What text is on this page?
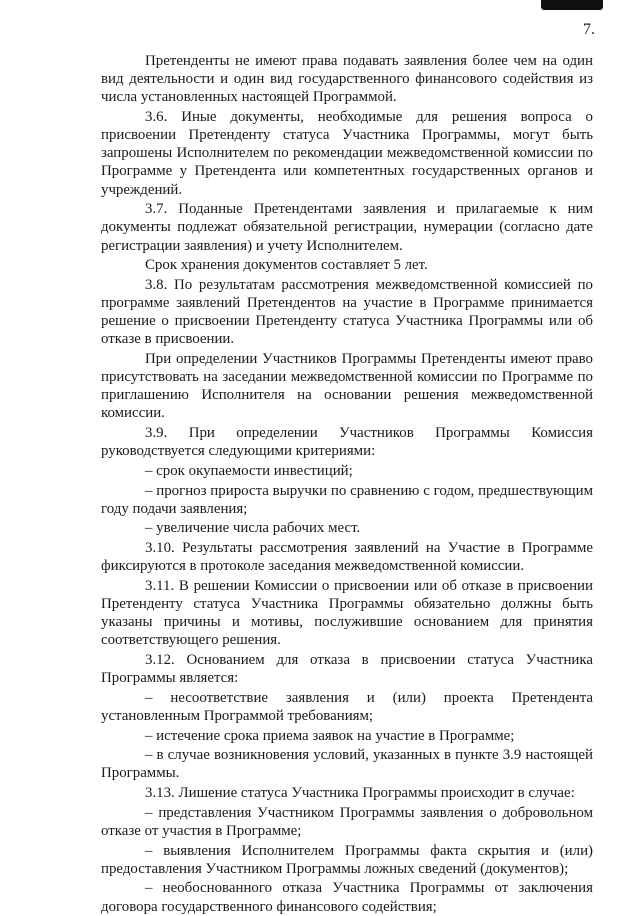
7.

Претенденты не имеют права подавать заявления более чем на один вид деятельности и один вид государственного финансового содействия из числа установленных настоящей Программой.

3.6. Иные документы, необходимые для решения вопроса о присвоении Претенденту статуса Участника Программы, могут быть запрошены Исполнителем по рекомендации межведомственной комиссии по Программе у Претендента или компетентных государственных органов и учреждений.

3.7. Поданные Претендентами заявления и прилагаемые к ним документы подлежат обязательной регистрации, нумерации (согласно дате регистрации заявления) и учету Исполнителем.

Срок хранения документов составляет 5 лет.

3.8. По результатам рассмотрения межведомственной комиссией по программе заявлений Претендентов на участие в Программе принимается решение о присвоении Претенденту статуса Участника Программы или об отказе в присвоении.

При определении Участников Программы Претенденты имеют право присутствовать на заседании межведомственной комиссии по Программе по приглашению Исполнителя на основании решения межведомственной комиссии.

3.9. При определении Участников Программы Комиссия руководствуется следующими критериями:

– срок окупаемости инвестиций;

– прогноз прироста выручки по сравнению с годом, предшествующим году подачи заявления;

– увеличение числа рабочих мест.

3.10. Результаты рассмотрения заявлений на Участие в Программе фиксируются в протоколе заседания межведомственной комиссии.

3.11. В решении Комиссии о присвоении или об отказе в присвоении Претенденту статуса Участника Программы обязательно должны быть указаны причины и мотивы, послужившие основанием для принятия соответствующего решения.

3.12. Основанием для отказа в присвоении статуса Участника Программы является:

– несоответствие заявления и (или) проекта Претендента установленным Программой требованиям;

– истечение срока приема заявок на участие в Программе;

– в случае возникновения условий, указанных в пункте 3.9 настоящей Программы.

3.13. Лишение статуса Участника Программы происходит в случае:

– представления Участником Программы заявления о добровольном отказе от участия в Программе;

– выявления Исполнителем Программы факта скрытия и (или) предоставления Участником Программы ложных сведений (документов);

– необоснованного отказа Участника Программы от заключения договора государственного финансового содействия;
